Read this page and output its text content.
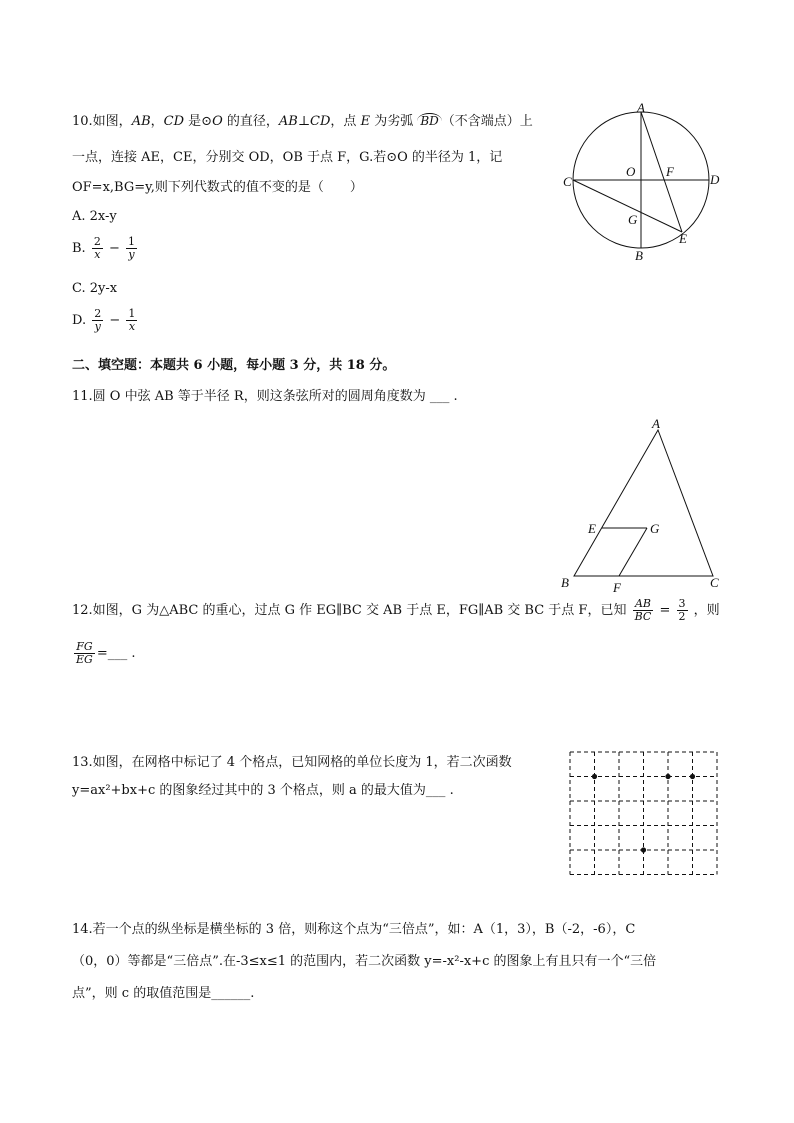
10.如图，AB，CD 是⊙O 的直径，AB⊥CD，点 E 为劣弧 BD （不含端点）上
一点，连接 AE，CE，分别交 OD，OB 于点 F，G.若⊙O 的半径为 1，记
OF=x,BG=y,则下列代数式的值不变的是（　　）
A. 2x-y
B. $\frac{2}{x} - \frac{1}{y}$
C. 2y-x
D. $\frac{2}{y} - \frac{1}{x}$
A
B
C	D
O F
G
E
二、填空题：本题共 6 小题，每小题 3 分，共 18 分。
11.圆 O 中弦 AB 等于半径 R，则这条弦所对的圆周角度数为 ___ .
A
B	C
E	G
F
12.如图，G 为△ABC 的重心，过点 G 作 EG∥BC 交 AB 于点 E，FG∥AB 交 BC 于点 F，已知 $\frac{AB}{BC} = \frac{3}{2}$ ，则
$\frac{FG}{EG}$ =___ .
13.如图，在网格中标记了 4 个格点，已知网格的单位长度为 1，若二次函数
y=ax²+bx+c 的图象经过其中的 3 个格点，则 a 的最大值为___ .
14.若一个点的纵坐标是横坐标的 3 倍，则称这个点为“三倍点”，如：A（1，3），B（-2，-6），C
（0，0）等都是“三倍点”.在-3≤x≤1 的范围内，若二次函数 y=-x²-x+c 的图象上有且只有一个“三倍
点”，则 c 的取值范围是______.
